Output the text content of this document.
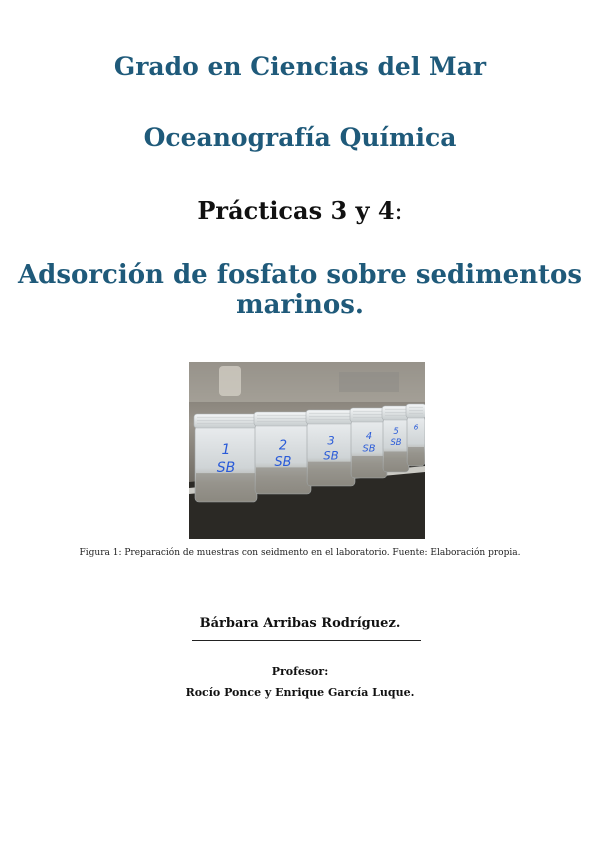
Grado en Ciencias del Mar
Oceanografía Química
Prácticas 3 y 4:
Adsorción de fosfato sobre sedimentos
marinos.
1
SB
2
SB
3
SB
4
SB
5
SB
6
Figura 1: Preparación de muestras con seidmento en el laboratorio. Fuente: Elaboración propia.
Bárbara Arribas Rodríguez.
Profesor:
Rocío Ponce y Enrique García Luque.
